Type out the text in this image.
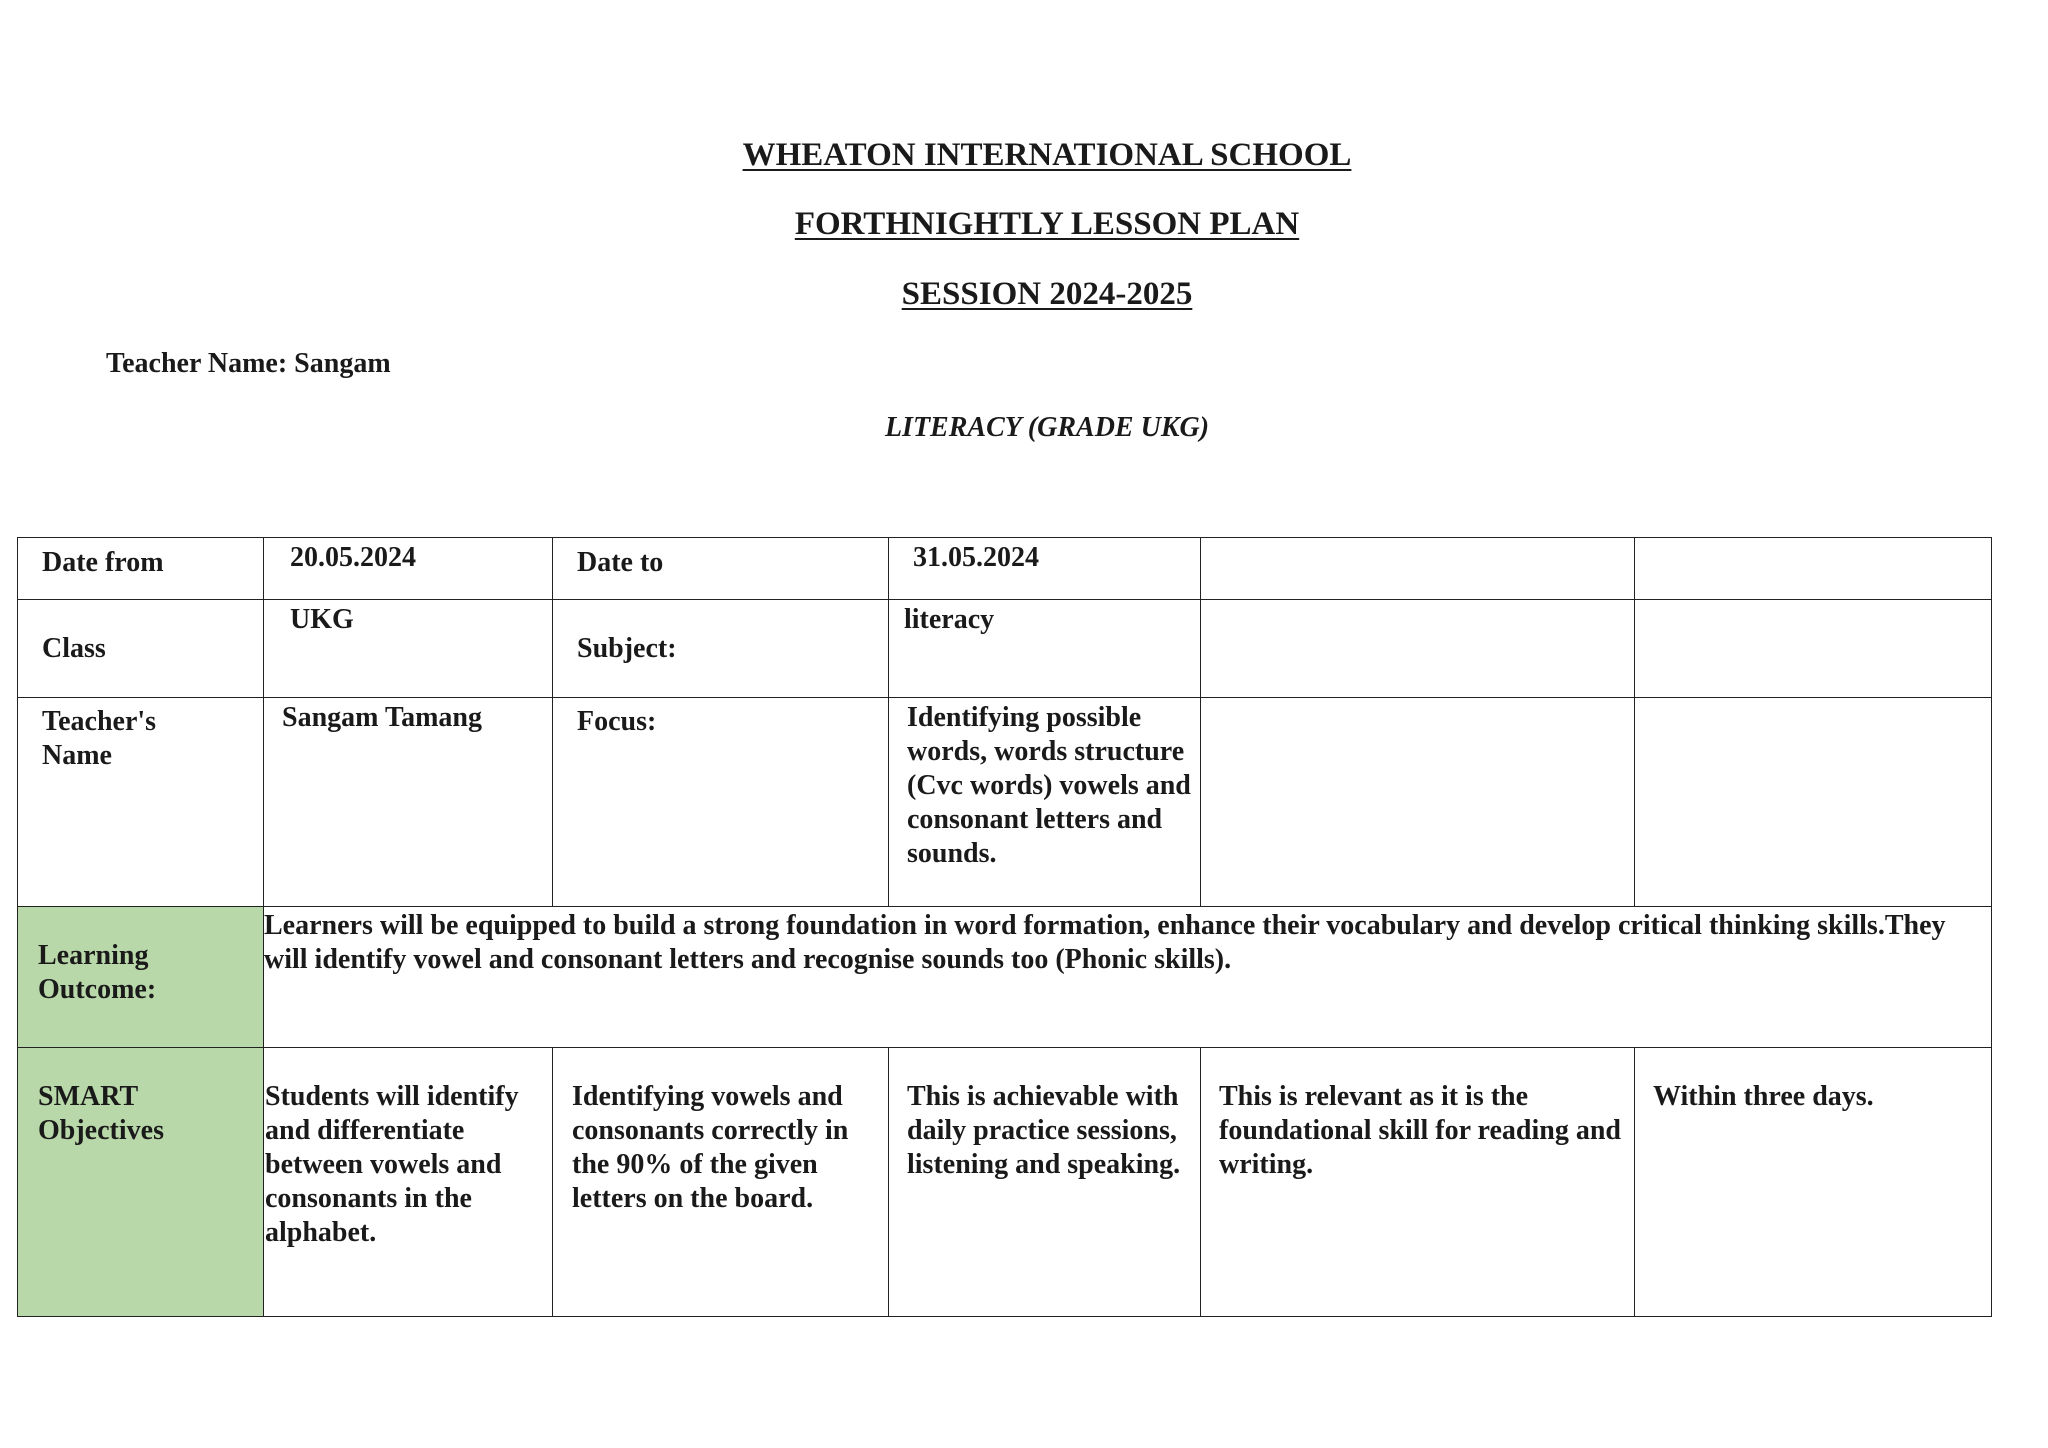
WHEATON INTERNATIONAL SCHOOL
FORTHNIGHTLY LESSON PLAN
SESSION 2024-2025
Teacher Name: Sangam
LITERACY (GRADE UKG)
Date from	20.05.2024	Date to	31.05.2024		

Class	UKG	Subject:	literacy		

Teacher's Name	Sangam Tamang	Focus:	Identifying possible words, words structure (Cvc words) vowels and consonant letters and sounds.		

Learning Outcome:	Learners will be equipped to build a strong foundation in word formation, enhance their vocabulary and develop critical thinking skills.They will identify vowel and consonant letters and recognise sounds too (Phonic skills).				

SMART Objectives	Students will identify and differentiate between vowels and consonants in the alphabet.	Identifying vowels and consonants correctly in the 90% of the given letters on the board.	This is achievable with daily practice sessions, listening and speaking.	This is relevant as it is the foundational skill for reading and writing.	Within three days.
